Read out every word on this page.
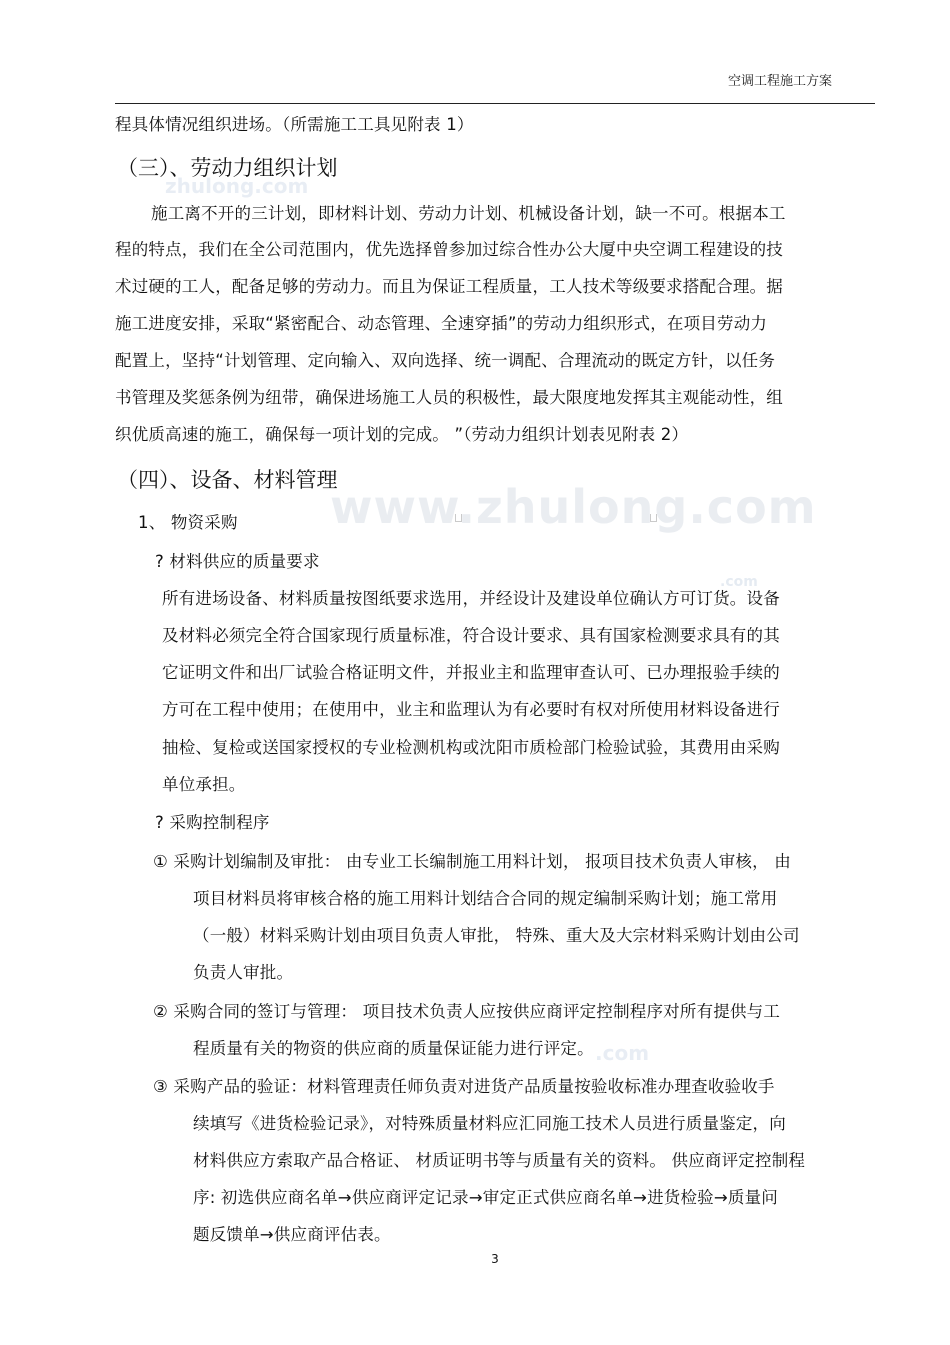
www.zhulong.com
zhulong.com
.com
.com
空调工程施工方案
程具体情况组织进场。（所需施工工具见附表 1）
（三）、劳动力组织计划
施工离不开的三计划，即材料计划、劳动力计划、机械设备计划，缺一不可。根据本工
程的特点，我们在全公司范围内，优先选择曾参加过综合性办公大厦中央空调工程建设的技
术过硬的工人，配备足够的劳动力。而且为保证工程质量，工人技术等级要求搭配合理。据
施工进度安排，采取“紧密配合、动态管理、全速穿插”的劳动力组织形式，在项目劳动力
配置上，坚持“计划管理、定向输入、双向选择、统一调配、合理流动的既定方针，以任务
书管理及奖惩条例为纽带，确保进场施工人员的积极性，最大限度地发挥其主观能动性，组
织优质高速的施工，确保每一项计划的完成。 ”（劳动力组织计划表见附表 2）
（四）、设备、材料管理
1、 物资采购
? 材料供应的质量要求
所有进场设备、材料质量按图纸要求选用，并经设计及建设单位确认方可订货。设备
及材料必须完全符合国家现行质量标准，符合设计要求、具有国家检测要求具有的其
它证明文件和出厂试验合格证明文件，并报业主和监理审查认可、已办理报验手续的
方可在工程中使用；在使用中，业主和监理认为有必要时有权对所使用材料设备进行
抽检、复检或送国家授权的专业检测机构或沈阳市质检部门检验试验，其费用由采购
单位承担。
? 采购控制程序
① 采购计划编制及审批： 由专业工长编制施工用料计划， 报项目技术负责人审核， 由
项目材料员将审核合格的施工用料计划结合合同的规定编制采购计划；施工常用
（一般）材料采购计划由项目负责人审批， 特殊、重大及大宗材料采购计划由公司
负责人审批。
② 采购合同的签订与管理： 项目技术负责人应按供应商评定控制程序对所有提供与工
程质量有关的物资的供应商的质量保证能力进行评定。
③ 采购产品的验证：材料管理责任师负责对进货产品质量按验收标准办理查收验收手
续填写《进货检验记录》，对特殊质量材料应汇同施工技术人员进行质量鉴定，向
材料供应方索取产品合格证、 材质证明书等与质量有关的资料。 供应商评定控制程
序: 初选供应商名单→供应商评定记录→审定正式供应商名单→进货检验→质量问
题反馈单→供应商评估表。
3
